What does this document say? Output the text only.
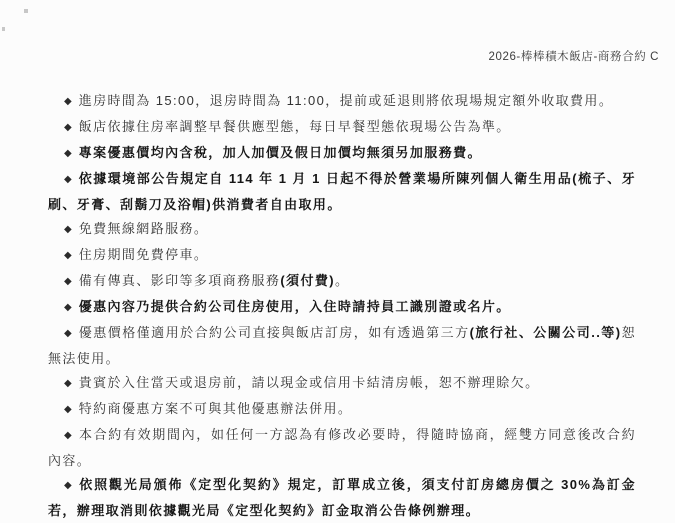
2026-棒棒積木飯店-商務合約 C

◆ 進房時間為 15:00，退房時間為 11:00，提前或延退則將依現場規定額外收取費用。

◆ 飯店依據住房率調整早餐供應型態，每日早餐型態依現場公告為準。

◆ 專案優惠價均內含稅，加人加價及假日加價均無須另加服務費。

◆ 依據環境部公告規定自 114 年 1 月 1 日起不得於營業場所陳列個人衛生用品(梳子、牙刷、牙膏、刮鬍刀及浴帽)供消費者自由取用。

◆ 免費無線網路服務。

◆ 住房期間免費停車。

◆ 備有傳真、影印等多項商務服務(須付費)。

◆ 優惠內容乃提供合約公司住房使用，入住時請持員工識別證或名片。

◆ 優惠價格僅適用於合約公司直接與飯店訂房，如有透過第三方(旅行社、公關公司..等)恕無法使用。

◆ 貴賓於入住當天或退房前，請以現金或信用卡結清房帳，恕不辦理賒欠。

◆ 特約商優惠方案不可與其他優惠辦法併用。

◆ 本合約有效期間內，如任何一方認為有修改必要時，得隨時協商，經雙方同意後改合約內容。

◆ 依照觀光局頒佈《定型化契約》規定，訂單成立後，須支付訂房總房價之 30%為訂金若，辦理取消則依據觀光局《定型化契約》訂金取消公告條例辦理。
